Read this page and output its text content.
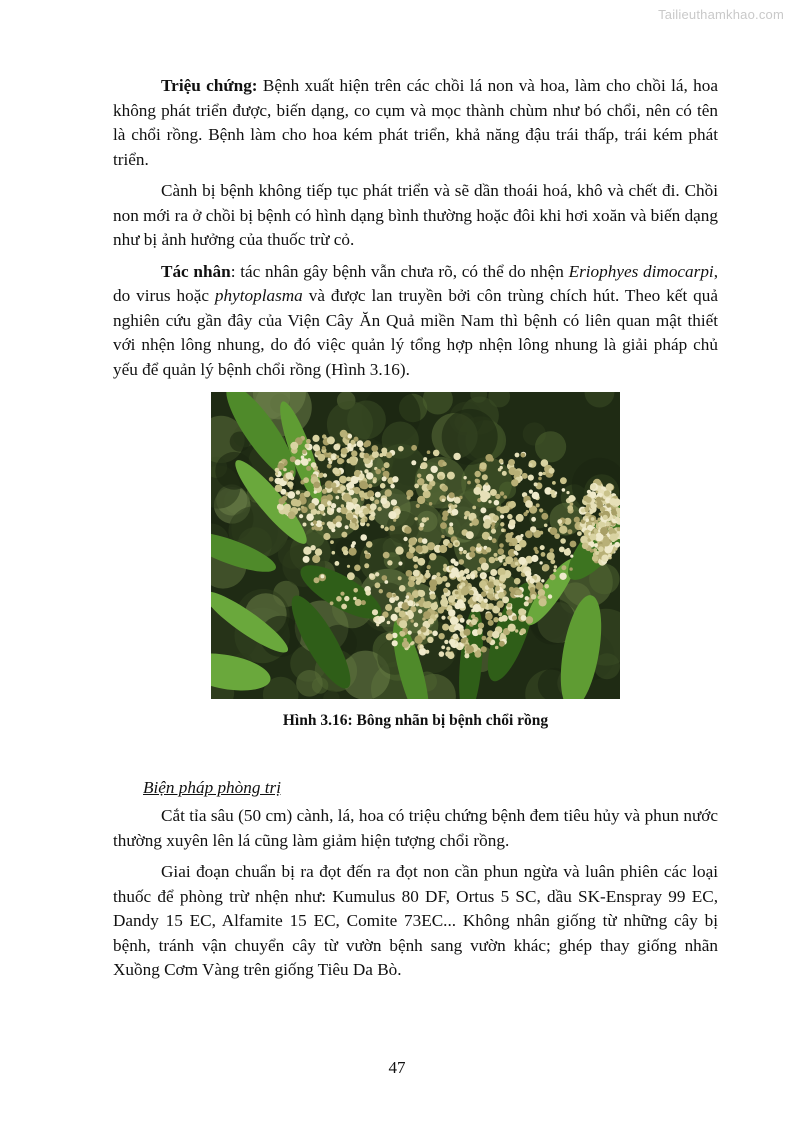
Tailieuthamkhao.com

Triệu chứng: Bệnh xuất hiện trên các chồi lá non và hoa, làm cho chồi lá, hoa không phát triển được, biến dạng, co cụm và mọc thành chùm như bó chổi, nên có tên là chổi rồng. Bệnh làm cho hoa kém phát triển, khả năng đậu trái thấp, trái kém phát triển.

Cành bị bệnh không tiếp tục phát triển và sẽ dần thoái hoá, khô và chết đi. Chồi non mới ra ở chồi bị bệnh có hình dạng bình thường hoặc đôi khi hơi xoăn và biến dạng như bị ảnh hưởng của thuốc trừ cỏ.

Tác nhân: tác nhân gây bệnh vẫn chưa rõ, có thể do nhện Eriophyes dimocarpi, do virus hoặc phytoplasma và được lan truyền bởi côn trùng chích hút. Theo kết quả nghiên cứu gần đây của Viện Cây Ăn Quả miền Nam thì bệnh có liên quan mật thiết với nhện lông nhung, do đó việc quản lý tổng hợp nhện lông nhung là giải pháp chủ yếu để quản lý bệnh chổi rồng (Hình 3.16).

Hình 3.16: Bông nhãn bị bệnh chổi rồng
Biện pháp phòng trị

Cắt tỉa sâu (50 cm) cành, lá, hoa có triệu chứng bệnh đem tiêu hủy và phun nước thường xuyên lên lá cũng làm giảm hiện tượng chổi rồng.

Giai đoạn chuẩn bị ra đọt đến ra đọt non cần phun ngừa và luân phiên các loại thuốc để phòng trừ nhện như: Kumulus 80 DF, Ortus 5 SC, dầu SK-Enspray 99 EC, Dandy 15 EC, Alfamite 15 EC, Comite 73EC... Không nhân giống từ những cây bị bệnh, tránh vận chuyển cây từ vườn bệnh sang vườn khác; ghép thay giống nhãn Xuồng Cơm Vàng trên giống Tiêu Da Bò.

47
